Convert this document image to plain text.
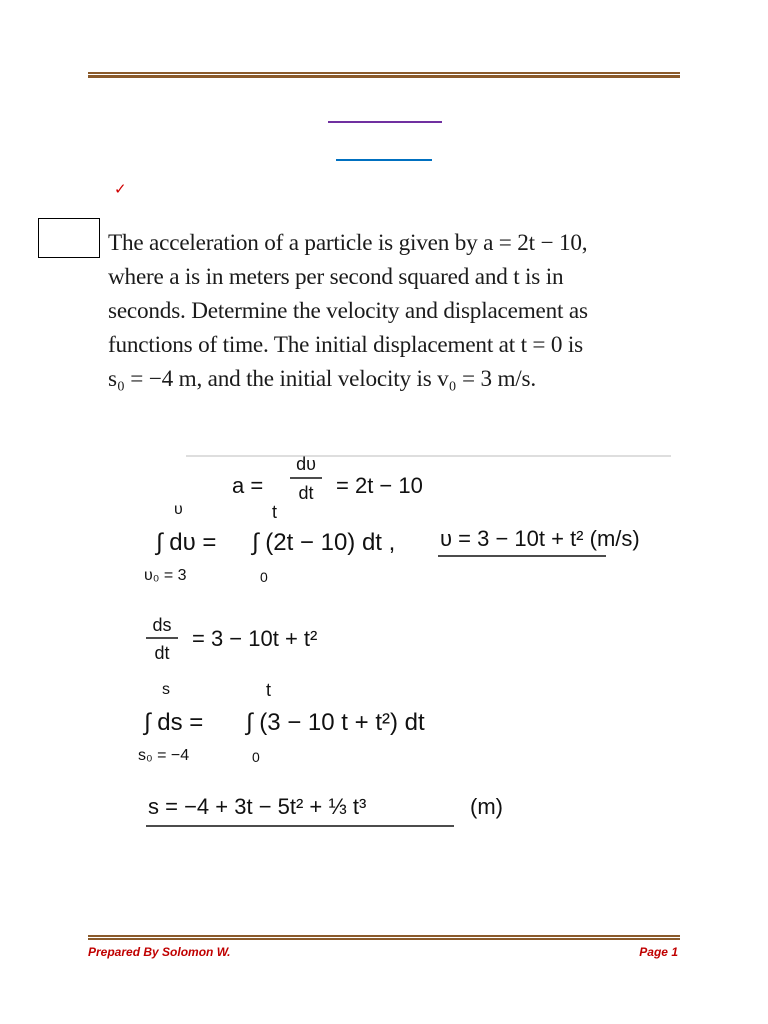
✓

The acceleration of a particle is given by a = 2t − 10,

where a is in meters per second squared and t is in

seconds. Determine the velocity and displacement as

functions of time. The initial displacement at t = 0 is

s₀ = −4 m, and the initial velocity is v₀ = 3 m/s.

a =
dυ
dt = 2t − 10
υ
∫ dυ =
t
∫ (2t − 10) dt , υ = 3 − 10t + t² (m/s)
υ₀ = 3	0
ds
dt
= 3 − 10t + t²
s
∫ ds =
t
∫ (3 − 10 t + t²) dt
s₀ = −4	0
s = −4 + 3t − 5t² + ⅓ t³	(m)
Prepared By Solomon W.	Page 1
